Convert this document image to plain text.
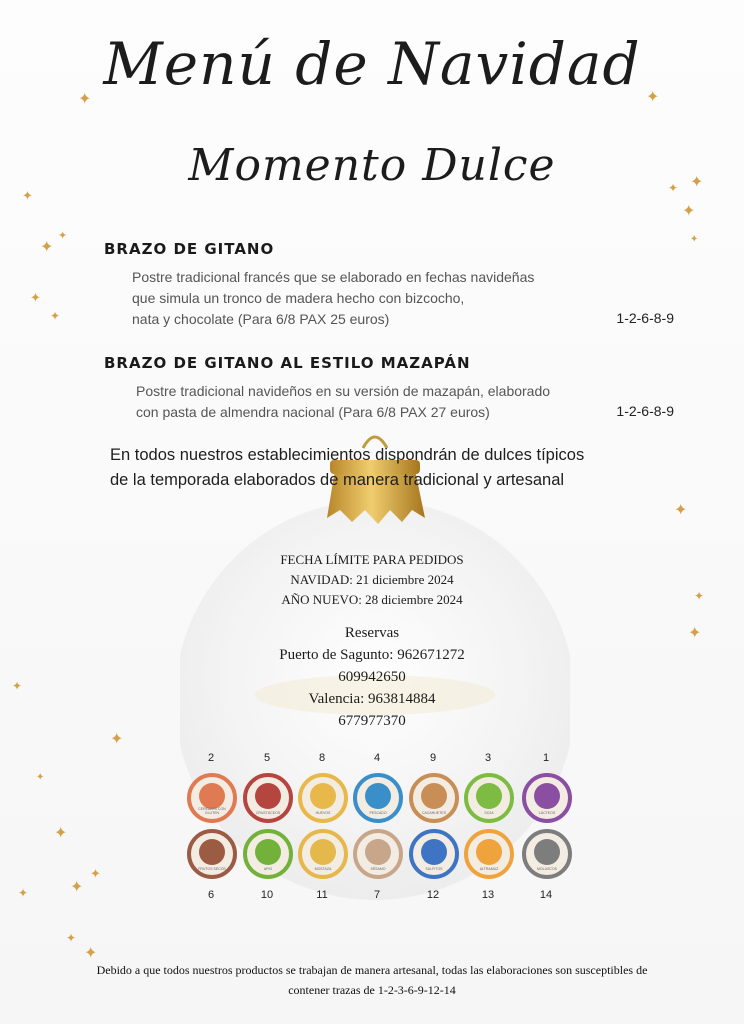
✦	✦
✦
✦
✦
✦
✦
✦
✦
✦
✦
✦
✦
✦
✦
✦
✦
✦
✦
✦
✦
✦
✦
Menú de Navidad
Momento Dulce
BRAZO DE GITANO
Postre tradicional francés que se elaborado en fechas navideñas
que simula un tronco de madera hecho con bizcocho,
nata y chocolate (Para 6/8 PAX 25 euros)	1-2-6-8-9
BRAZO DE GITANO AL ESTILO MAZAPÁN
Postre tradicional navideños en su versión de mazapán, elaborado
con pasta de almendra nacional (Para 6/8 PAX 27 euros)	1-2-6-8-9
En todos nuestros establecimientos dispondrán de dulces típicos
de la temporada elaborados de manera tradicional y artesanal
FECHA LÍMITE PARA PEDIDOS
NAVIDAD: 21 diciembre 2024
AÑO NUEVO: 28 diciembre 2024
Reservas
Puerto de Sagunto: 962671272
609942650
Valencia: 963814884
677977370
2	5	8	4	9	3	1
CEREALES CON GLUTEN	CRUSTÁCEOS	HUEVOS	PESCADO	CACAHUETES	SOJA	LÁCTEOS
FRUTOS SECOS	APIO	MOSTAZA	SÉSAMO	SULFITOS	ALTRAMUZ	MOLUSCOS
6	10	11	7	12	13	14
Debido a que todos nuestros productos se trabajan de manera artesanal, todas las elaboraciones son susceptibles de
contener trazas de 1-2-3-6-9-12-14
